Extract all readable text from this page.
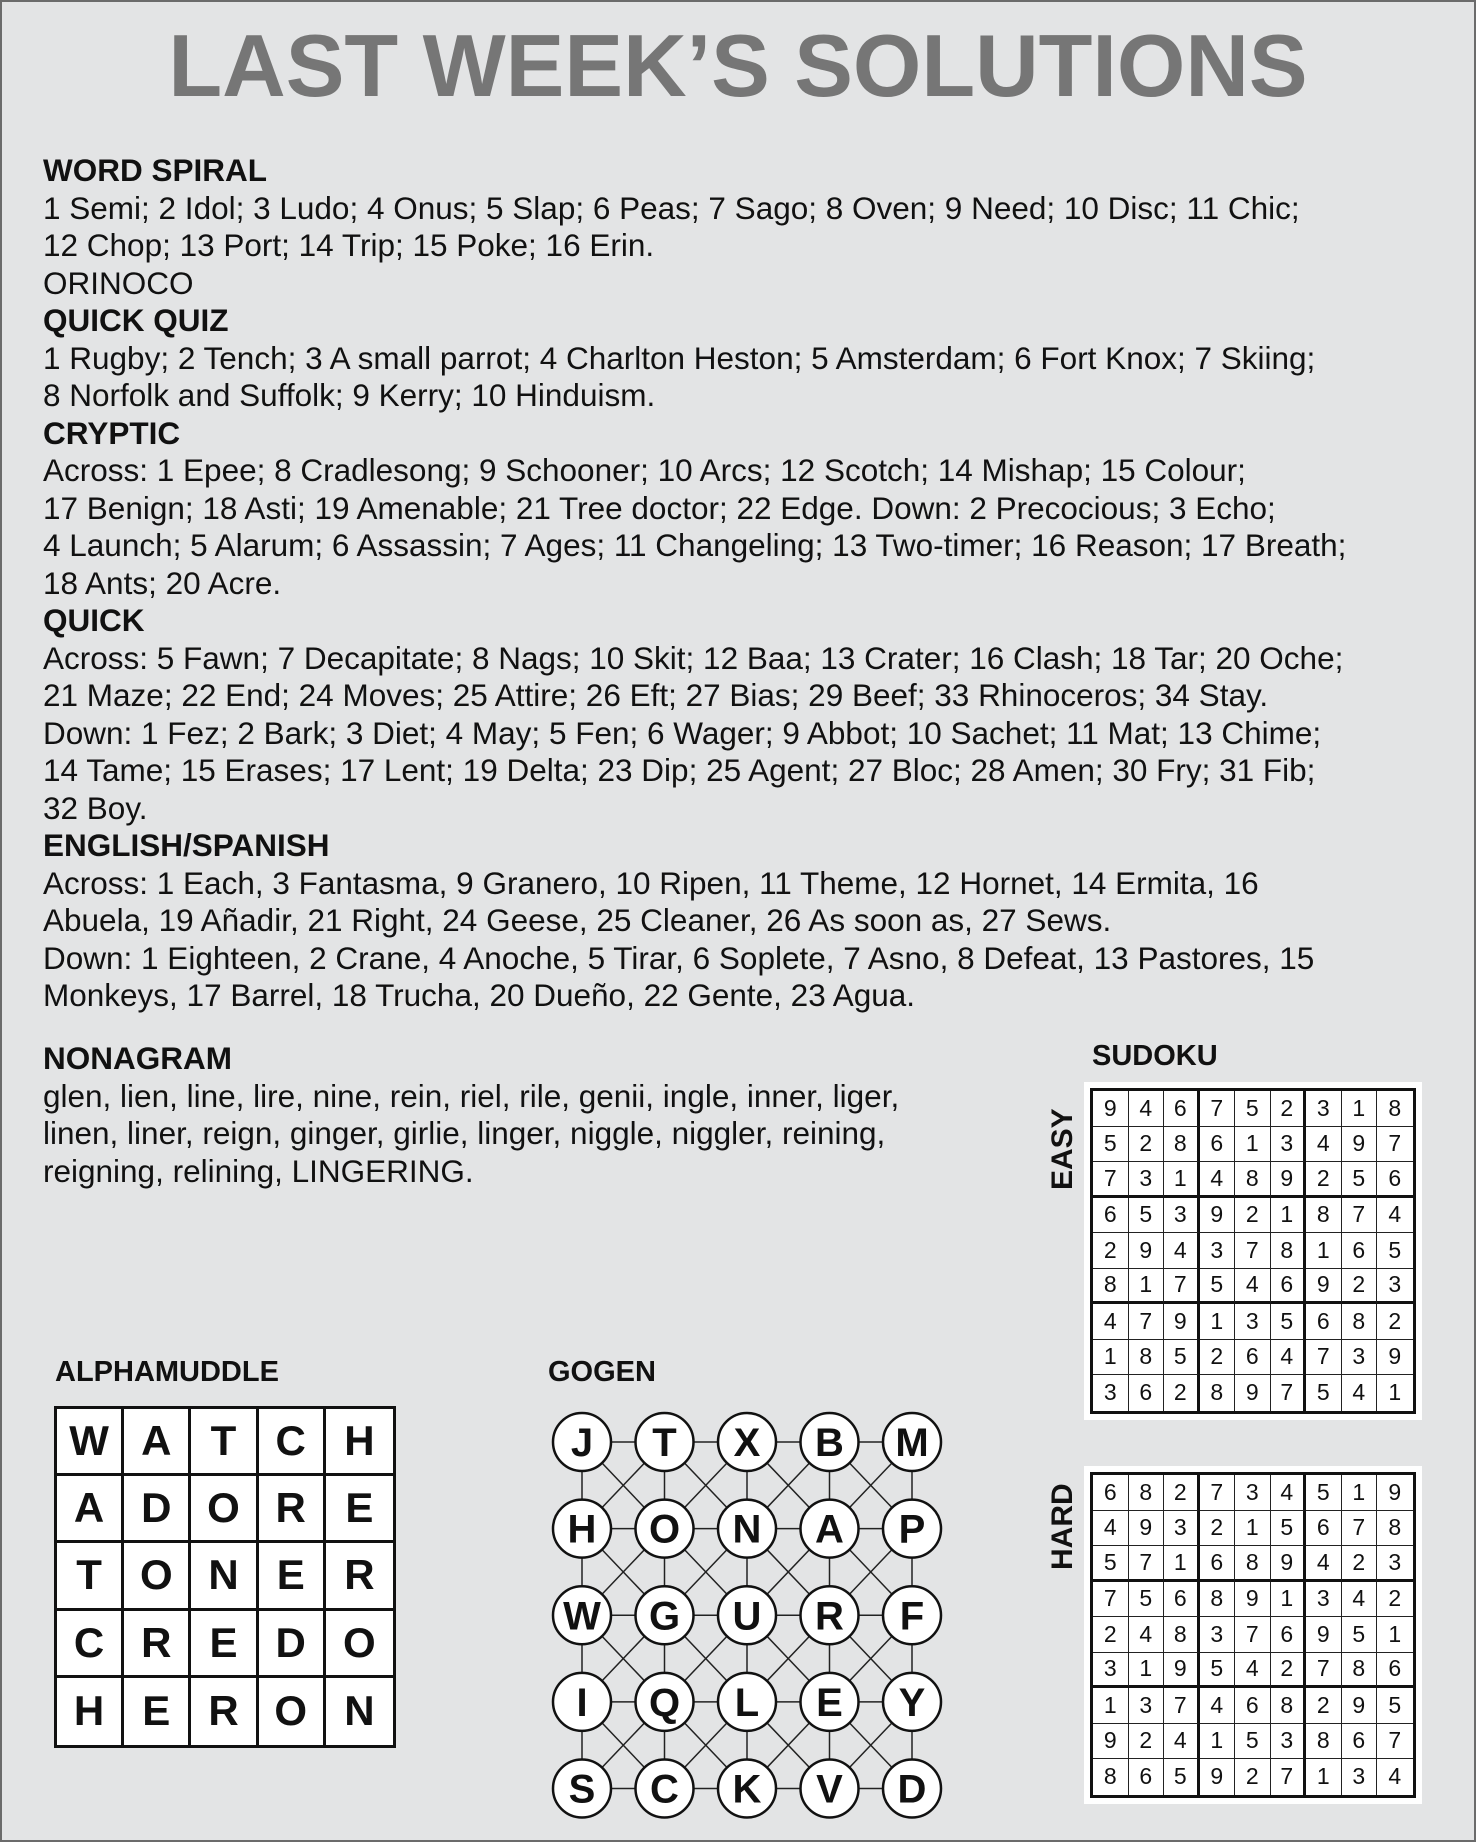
LAST WEEK’S SOLUTIONS
WORD SPIRAL
1 Semi; 2 Idol; 3 Ludo; 4 Onus; 5 Slap; 6 Peas; 7 Sago; 8 Oven; 9 Need; 10 Disc; 11 Chic;
12 Chop; 13 Port; 14 Trip; 15 Poke; 16 Erin.
ORINOCO
QUICK QUIZ
1 Rugby; 2 Tench; 3 A small parrot; 4 Charlton Heston; 5 Amsterdam; 6 Fort Knox; 7 Skiing;
8 Norfolk and Suffolk; 9 Kerry; 10 Hinduism.
CRYPTIC
Across: 1 Epee; 8 Cradlesong; 9 Schooner; 10 Arcs; 12 Scotch; 14 Mishap; 15 Colour;
17 Benign; 18 Asti; 19 Amenable; 21 Tree doctor; 22 Edge. Down: 2 Precocious; 3 Echo;
4 Launch; 5 Alarum; 6 Assassin; 7 Ages; 11 Changeling; 13 Two-timer; 16 Reason; 17 Breath;
18 Ants; 20 Acre.
QUICK
Across: 5 Fawn; 7 Decapitate; 8 Nags; 10 Skit; 12 Baa; 13 Crater; 16 Clash; 18 Tar; 20 Oche;
21 Maze; 22 End; 24 Moves; 25 Attire; 26 Eft; 27 Bias; 29 Beef; 33 Rhinoceros; 34 Stay.
Down: 1 Fez; 2 Bark; 3 Diet; 4 May; 5 Fen; 6 Wager; 9 Abbot; 10 Sachet; 11 Mat; 13 Chime;
14 Tame; 15 Erases; 17 Lent; 19 Delta; 23 Dip; 25 Agent; 27 Bloc; 28 Amen; 30 Fry; 31 Fib;
32 Boy.
ENGLISH/SPANISH
Across: 1 Each, 3 Fantasma, 9 Granero, 10 Ripen, 11 Theme, 12 Hornet, 14 Ermita, 16
Abuela, 19 Añadir, 21 Right, 24 Geese, 25 Cleaner, 26 As soon as, 27 Sews.
Down: 1 Eighteen, 2 Crane, 4 Anoche, 5 Tirar, 6 Soplete, 7 Asno, 8 Defeat, 13 Pastores, 15
Monkeys, 17 Barrel, 18 Trucha, 20 Dueño, 22 Gente, 23 Agua.
NONAGRAM
glen, lien, line, lire, nine, rein, riel, rile, genii, ingle, inner, liger,
linen, liner, reign, ginger, girlie, linger, niggle, niggler, reining,
reigning, relining, LINGERING.
SUDOKU
EASY
HARD
9 4 6	7 5 2	3 1	8
5 2 8	6 1 3	4 9	7
7 3 1	4 8 9	2 5	6
6 5 3	9 2 1	8 7	4
2 9 4	3 7 8	1 6	5
8 1 7	5 4 6	9 2	3
4 7 9	1 3 5	6 8	2
1 8 5	2 6 4	7 3	9
3 6 2	8 9 7	5 4	1
6 8 2	7 3 4	5 1	9
4 9 3	2 1 5	6 7	8
5 7 1	6 8 9	4 2	3
7 5 6	8 9 1	3 4	2
2 4 8	3 7 6	9 5	1
3 1 9	5 4 2	7 8	6
1 3 7	4 6 8	2 9	5
9 2 4	1 5 3	8 6	7
8 6 5	9 2 7	1 3	4
ALPHAMUDDLE
W A T C H
A D O R E
T O N E R
C R E D O
H E R O N
GOGEN
J T X B M
H O N A P
W G U R F
I Q L E Y
S C K V D
